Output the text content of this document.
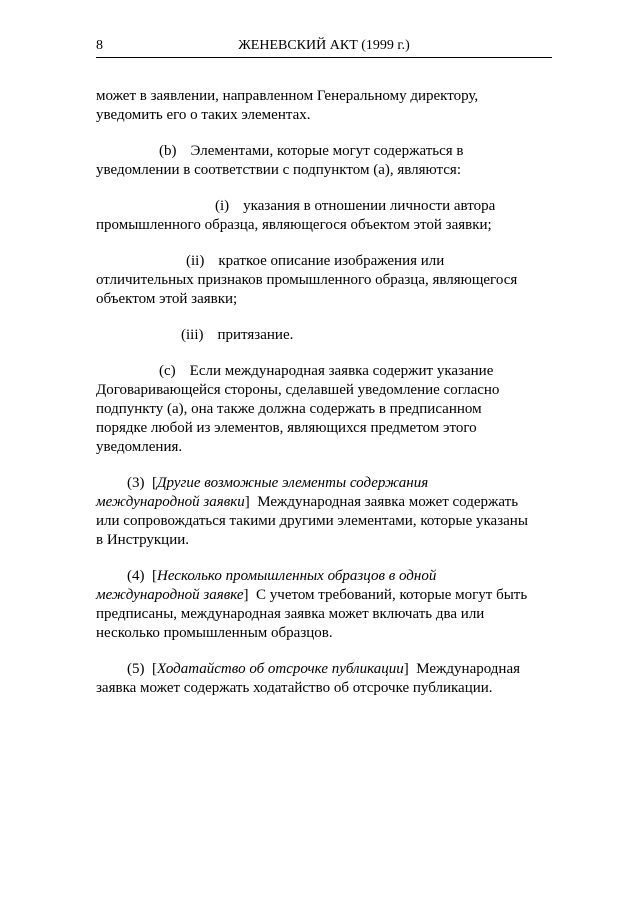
8	ЖЕНЕВСКИЙ АКТ (1999 г.)

может в заявлении, направленном Генеральному директору,

уведомить его о таких элементах.

(b) Элементами, которые могут содержаться в

уведомлении в соответствии с подпунктом (a), являются:

(i) указания в отношении личности автора

промышленного образца, являющегося объектом этой заявки;

(ii) краткое описание изображения или

отличительных признаков промышленного образца, являющегося

объектом этой заявки;

(iii) притязание.

(c) Если международная заявка содержит указание

Договаривающейся стороны, сделавшей уведомление согласно

подпункту (a), она также должна содержать в предписанном

порядке любой из элементов, являющихся предметом этого

уведомления.

(3)  [Другие возможные элементы содержания

международной заявки]  Международная заявка может содержать

или сопровождаться такими другими элементами, которые указаны

в Инструкции.

(4)  [Несколько промышленных образцов в одной

международной заявке]  С учетом требований, которые могут быть

предписаны, международная заявка может включать два или

несколько промышленным образцов.

(5)  [Ходатайство об отсрочке публикации]  Международная

заявка может содержать ходатайство об отсрочке публикации.
